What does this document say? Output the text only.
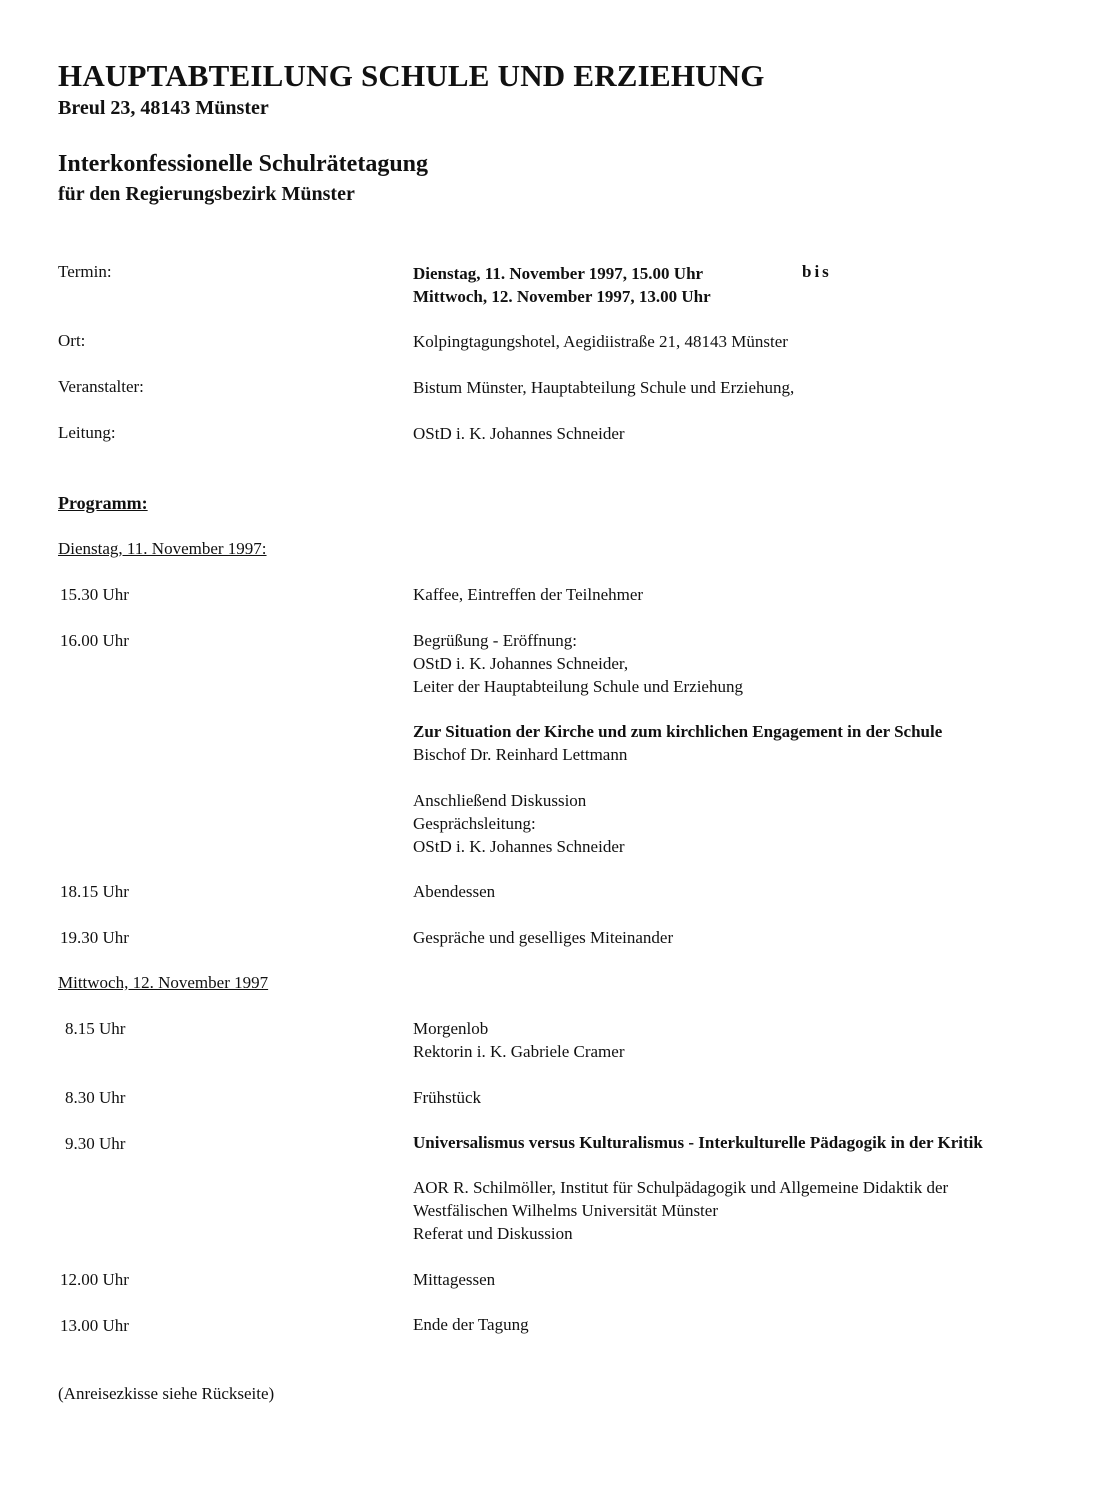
HAUPTABTEILUNG SCHULE UND ERZIEHUNG
Breul 23, 48143 Münster
Interkonfessionelle Schulrätetagung
für den Regierungsbezirk Münster
Termin:	Dienstag, 11. November 1997, 15.00 Uhr	bis
Mittwoch, 12. November 1997, 13.00 Uhr
Ort:	Kolpingtagungshotel, Aegidiistraße 21, 48143 Münster
Veranstalter:	Bistum Münster, Hauptabteilung Schule und Erziehung,
Leitung:	OStD i. K. Johannes Schneider
Programm:
Dienstag, 11. November 1997:
15.30 Uhr	Kaffee, Eintreffen der Teilnehmer
16.00 Uhr	Begrüßung - Eröffnung:
OStD i. K. Johannes Schneider,
Leiter der Hauptabteilung Schule und Erziehung
Zur Situation der Kirche und zum kirchlichen Engagement in der Schule
Bischof Dr. Reinhard Lettmann
Anschließend Diskussion
Gesprächsleitung:
OStD i. K. Johannes Schneider
18.15 Uhr	Abendessen
19.30 Uhr	Gespräche und geselliges Miteinander
Mittwoch, 12. November 1997
8.15 Uhr	Morgenlob
Rektorin i. K. Gabriele Cramer
8.30 Uhr	Frühstück
9.30 Uhr	Universalismus versus Kulturalismus - Interkulturelle Pädagogik in der Kritik
AOR R. Schilmöller, Institut für Schulpädagogik und Allgemeine Didaktik der Westfälischen Wilhelms Universität Münster
Referat und Diskussion
12.00 Uhr	Mittagessen
13.00 Uhr	Ende der Tagung
(Anreisezkisse siehe Rückseite)
